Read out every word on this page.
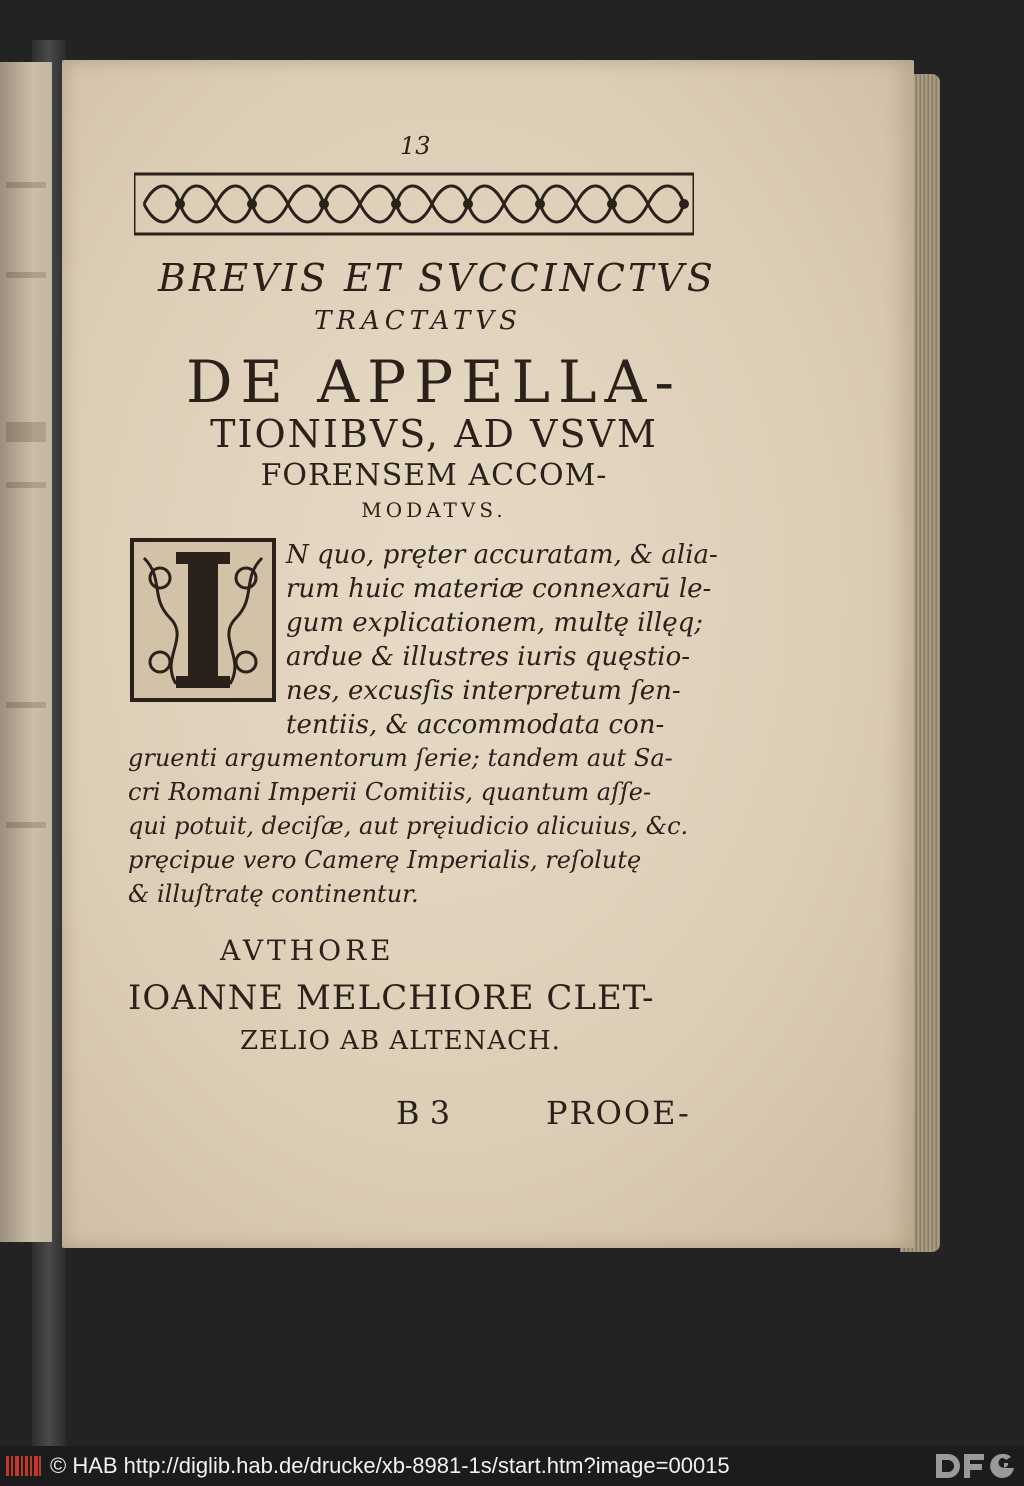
13
BREVIS ET SVCCINCTVS
TRACTATVS
DE APPELLA-
TIONIBVS, AD VSVM
FORENSEM ACCOM-
MODATVS.
N quo, pręter accuratam, & alia-
rum huic materiæ connexarū le-
gum explicationem, multę illęq;
ardue & illustres iuris quęstio-
nes, excusſis interpretum ſen-
tentiis, & accommodata con-
gruenti argumentorum ſerie; tandem aut Sa-
cri Romani Imperii Comitiis, quantum aſſe-
qui potuit, deciſæ, aut pręiudicio alicuius, &c.
pręcipue vero Camerę Imperialis, reſolutę
& illuſtratę continentur.
AVTHORE
IOANNE MELCHIORE CLET-
ZELIO AB ALTENACH.
B 3	PROOE-
© HAB http://diglib.hab.de/drucke/xb-8981-1s/start.htm?image=00015
